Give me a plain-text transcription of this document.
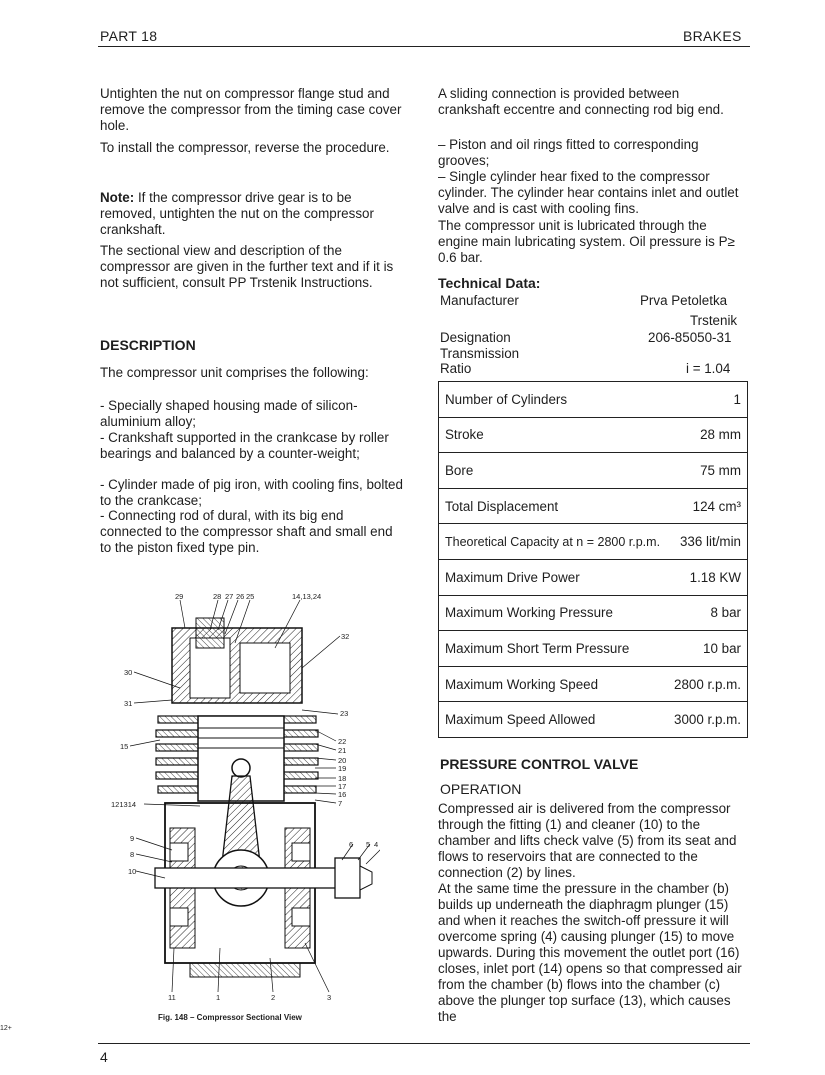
PART 18	BRAKES

Untighten the nut on compressor flange stud and remove the compressor from the timing case cover hole.

To install the compressor, reverse the procedure.

Note: If the compressor drive gear is to be removed, untighten the nut on the compressor crankshaft.

The sectional view and description of the compressor are given in the further text and if it is not sufficient, consult PP Trstenik Instructions.

DESCRIPTION

The compressor unit comprises the following:

- Specially shaped housing made of silicon-aluminium alloy;

- Crankshaft supported in the crankcase by roller bearings and balanced by a counter-weight;

- Cylinder made of pig iron, with cooling fins, bolted to the crankcase;

- Connecting rod of dural, with its big end connected to the compressor shaft and small end to the piston fixed type pin.

29	28 27 26 25	14,13,24
32
30
31
23
15
22
21
20
19
18
17
16
121314	7
9
8
10
6 5 4
11	1	2	3
Fig. 148 – Compressor Sectional View

A sliding connection is provided between crankshaft eccentre and connecting rod big end.

– Piston and oil rings fitted to corresponding grooves;

– Single cylinder hear fixed to the compressor cylinder. The cylinder hear contains inlet and outlet valve and is cast with cooling fins.

The compressor unit is lubricated through the engine main lubricating system. Oil pressure is P≥ 0.6 bar.

Technical Data:
Manufacturer	Prva Petoletka
Trstenik
Designation	206-85050-31
Transmission
Ratio	i = 1.04
Number of Cylinders	1
Stroke	28 mm
Bore	75 mm
Total Displacement	124 cm³
Theoretical Capacity at n = 2800 r.p.m.	336 lit/min
Maximum Drive Power	1.18 KW
Maximum Working Pressure	8 bar
Maximum Short Term Pressure	10 bar
Maximum Working Speed	2800 r.p.m.
Maximum Speed Allowed	3000 r.p.m.
PRESSURE CONTROL VALVE
OPERATION

Compressed air is delivered from the compressor through the fitting (1) and cleaner (10) to the chamber and lifts check valve (5) from its seat and flows to reservoirs that are connected to the connection (2) by lines.

At the same time the pressure in the chamber (b) builds up underneath the diaphragm plunger (15) and when it reaches the switch-off pressure it will overcome spring (4) causing plunger (15) to move upwards. During this movement the outlet port (16) closes, inlet port (14) opens so that compressed air from the chamber (b) flows into the chamber (c) above the plunger top surface (13), which causes the

4
12+
